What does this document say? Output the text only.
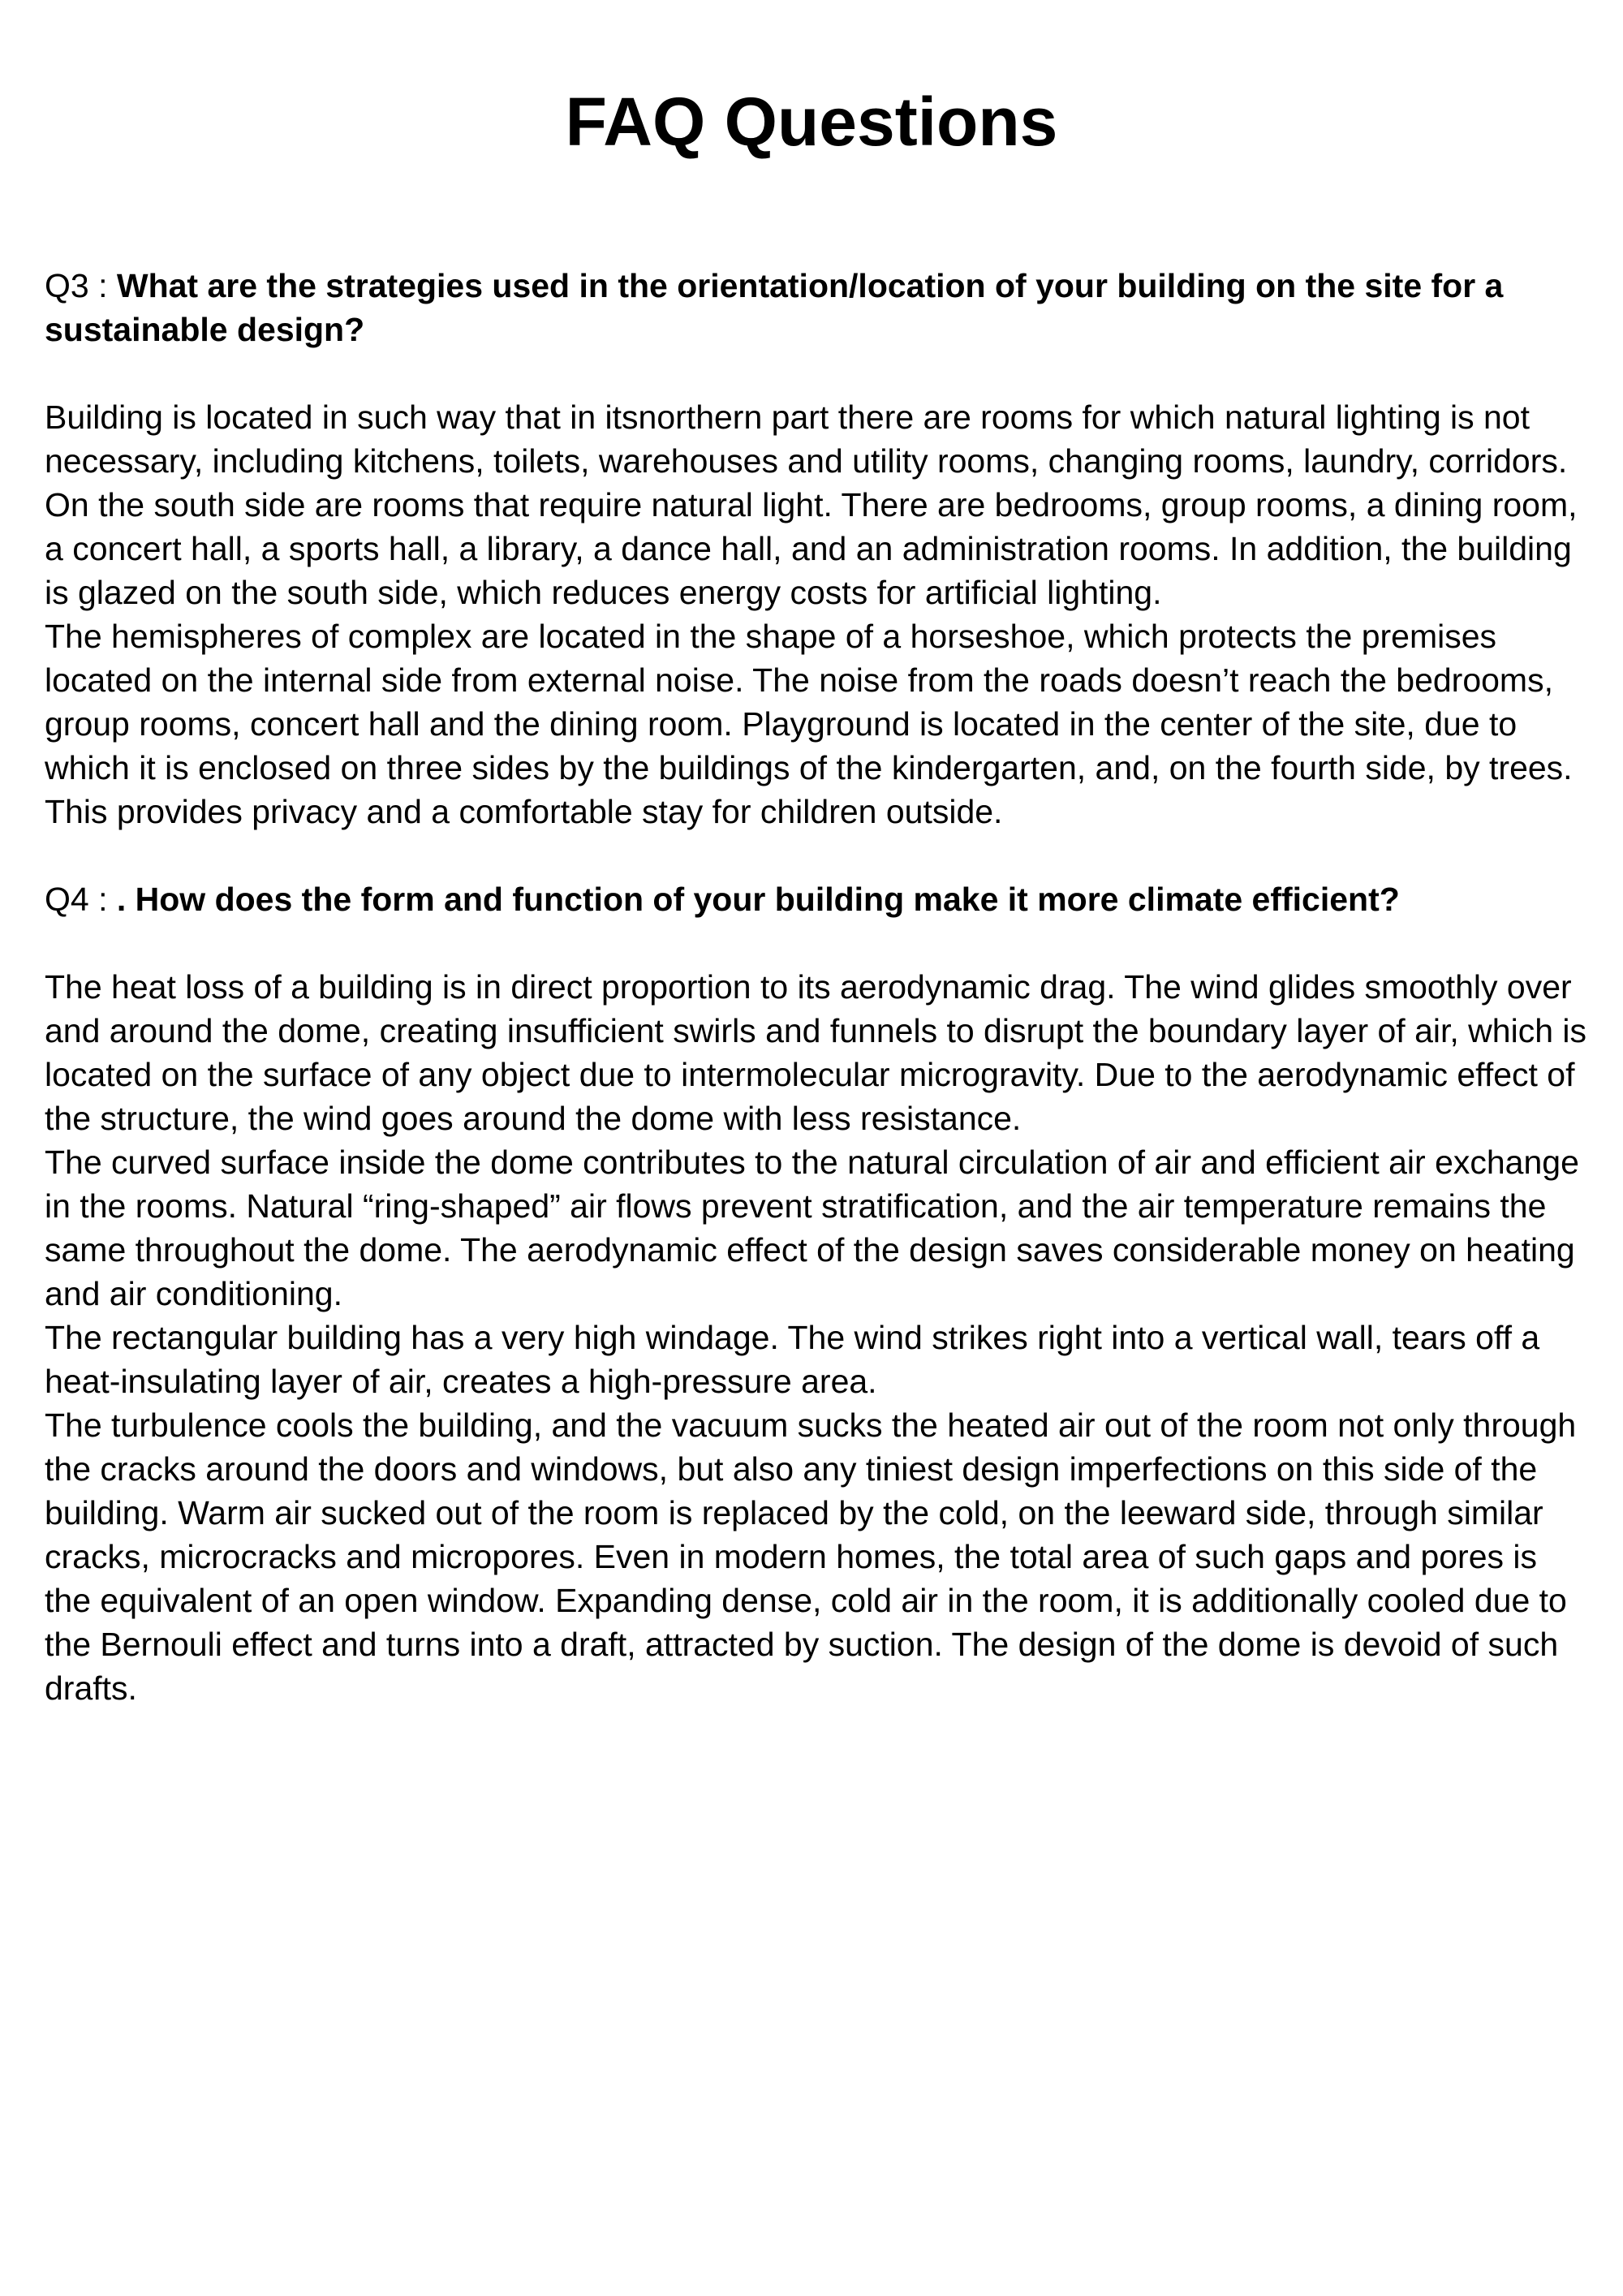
FAQ Questions

Q3 : What are the strategies used in the orientation/location of your building on the site for a sustainable design?

Building is located in such way that in itsnorthern part there are rooms for which natural lighting is not necessary, including kitchens, toilets, warehouses and utility rooms, changing rooms, laundry, corridors. On the south side are rooms that require natural light. There are bedrooms, group rooms, a dining room, a concert hall, a sports hall, a library, a dance hall, and an administration rooms. In addition, the building is glazed on the south side, which reduces energy costs for artificial lighting.

The hemispheres of complex are located in the shape of a horseshoe, which protects the premises located on the internal side from external noise. The noise from the roads doesn’t reach the bedrooms, group rooms, concert hall and the dining room. Playground is located in the center of the site, due to which it is enclosed on three sides by the buildings of the kindergarten, and, on the fourth side, by trees. This provides privacy and a comfortable stay for children outside.

Q4 : . How does the form and function of your building make it more climate efficient?

The heat loss of a building is in direct proportion to its aerodynamic drag. The wind glides smoothly over and around the dome, creating insufficient swirls and funnels to disrupt the boundary layer of air, which is located on the surface of any object due to intermolecular microgravity. Due to the aerodynamic effect of the structure, the wind goes around the dome with less resistance.

The curved surface inside the dome contributes to the natural circulation of air and efficient air exchange in the rooms. Natural “ring-shaped” air flows prevent stratification, and the air temperature remains the same throughout the dome. The aerodynamic effect of the design saves considerable money on heating and air conditioning.

The rectangular building has a very high windage. The wind strikes right into a vertical wall, tears off a heat-insulating layer of air, creates a high-pressure area.

The turbulence cools the building, and the vacuum sucks the heated air out of the room not only through the cracks around the doors and windows, but also any tiniest design imperfections on this side of the building. Warm air sucked out of the room is replaced by the cold, on the leeward side, through similar cracks, microcracks and micropores. Even in modern homes, the total area of such gaps and pores is the equivalent of an open window. Expanding dense, cold air in the room, it is additionally cooled due to the Bernouli effect and turns into a draft, attracted by suction. The design of the dome is devoid of such drafts.
